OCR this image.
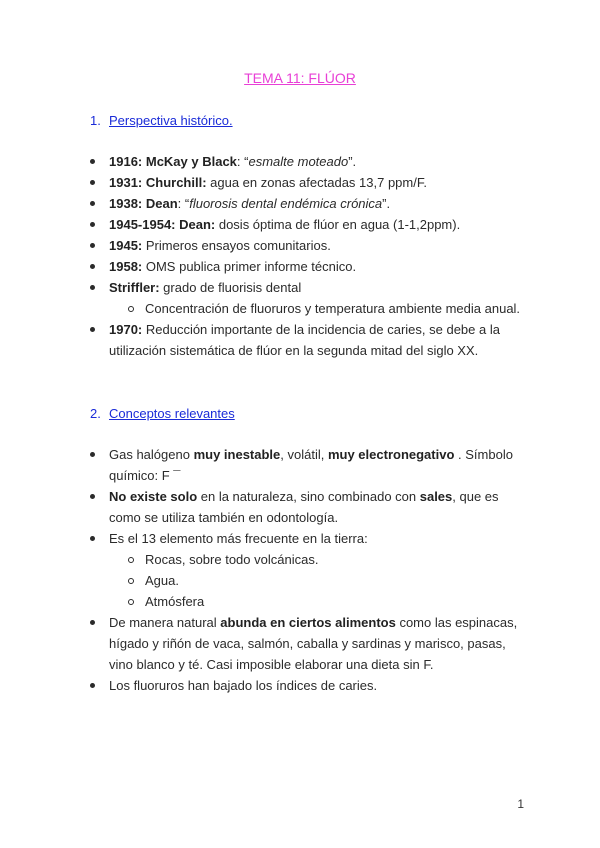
TEMA 11: FLÚOR
1. Perspectiva histórico.
1916: McKay y Black: “esmalte moteado”.
1931: Churchill: agua en zonas afectadas 13,7 ppm/F.
1938: Dean: “fluorosis dental endémica crónica”.
1945-1954: Dean: dosis óptima de flúor en agua (1-1,2ppm).
1945: Primeros ensayos comunitarios.
1958: OMS publica primer informe técnico.
Striffler: grado de fluorisis dental
Concentración de fluoruros y temperatura ambiente media anual.
1970: Reducción importante de la incidencia de caries, se debe a la utilización sistemática de flúor en la segunda mitad del siglo XX.
2. Conceptos relevantes
Gas halógeno muy inestable, volátil, muy electronegativo . Símbolo químico: F ¯
No existe solo en la naturaleza, sino combinado con sales, que es como se utiliza también en odontología.
Es el 13 elemento más frecuente en la tierra:
Rocas, sobre todo volcánicas.
Agua.
Atmósfera
De manera natural abunda en ciertos alimentos como las espinacas, hígado y riñón de vaca, salmón, caballa y sardinas y marisco, pasas, vino blanco y té. Casi imposible elaborar una dieta sin F.
Los fluoruros han bajado los índices de caries.
1
